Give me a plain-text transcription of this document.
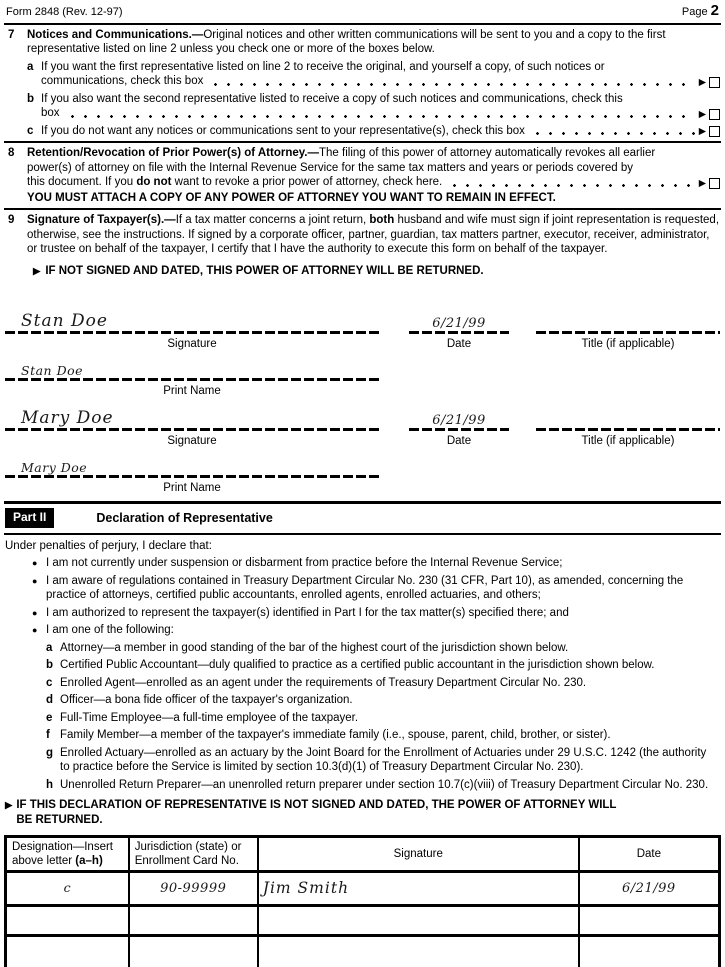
Form 2848 (Rev. 12-97)	Page 2
7	Notices and Communications.—Original notices and other written communications will be sent to you and a copy to the first representative listed on line 2 unless you check one or more of the boxes below.
a If you want the first representative listed on line 2 to receive the original, and yourself a copy, of such notices or
communications, check this box	▶
b If you also want the second representative listed to receive a copy of such notices and communications, check this
box	▶
c If you do not want any notices or communications sent to your representative(s), check this box	▶
8	Retention/Revocation of Prior Power(s) of Attorney.—The filing of this power of attorney automatically revokes all earlier
power(s) of attorney on file with the Internal Revenue Service for the same tax matters and years or periods covered by
this document. If you do not want to revoke a prior power of attorney, check here.	▶
YOU MUST ATTACH A COPY OF ANY POWER OF ATTORNEY YOU WANT TO REMAIN IN EFFECT.
9	Signature of Taxpayer(s).—If a tax matter concerns a joint return, both husband and wife must sign if joint representation is requested, otherwise, see the instructions. If signed by a corporate officer, partner, guardian, tax matters partner, executor, receiver, administrator, or trustee on behalf of the taxpayer, I certify that I have the authority to execute this form on behalf of the taxpayer.
▶ IF NOT SIGNED AND DATED, THIS POWER OF ATTORNEY WILL BE RETURNED.
Stan Doe
Signature
6/21/99
Date	Title (if applicable)
Stan Doe
Print Name
Mary Doe
Signature
6/21/99
Date	Title (if applicable)
Mary Doe
Print Name
Part II	Declaration of Representative
Under penalties of perjury, I declare that:
● I am not currently under suspension or disbarment from practice before the Internal Revenue Service;
● I am aware of regulations contained in Treasury Department Circular No. 230 (31 CFR, Part 10), as amended, concerning the practice of attorneys, certified public accountants, enrolled agents, enrolled actuaries, and others;
● I am authorized to represent the taxpayer(s) identified in Part I for the tax matter(s) specified there; and
● I am one of the following:
a Attorney—a member in good standing of the bar of the highest court of the jurisdiction shown below.
b Certified Public Accountant—duly qualified to practice as a certified public accountant in the jurisdiction shown below.
c Enrolled Agent—enrolled as an agent under the requirements of Treasury Department Circular No. 230.
d Officer—a bona fide officer of the taxpayer's organization.
e Full-Time Employee—a full-time employee of the taxpayer.
f Family Member—a member of the taxpayer's immediate family (i.e., spouse, parent, child, brother, or sister).
g Enrolled Actuary—enrolled as an actuary by the Joint Board for the Enrollment of Actuaries under 29 U.S.C. 1242 (the authority to practice before the Service is limited by section 10.3(d)(1) of Treasury Department Circular No. 230).
h Unenrolled Return Preparer—an unenrolled return preparer under section 10.7(c)(viii) of Treasury Department Circular No. 230.
▶ IF THIS DECLARATION OF REPRESENTATIVE IS NOT SIGNED AND DATED, THE POWER OF ATTORNEY WILL
BE RETURNED.
Designation—Insert
above letter (a–h)	Jurisdiction (state) or
Enrollment Card No.	Signature	Date
c	90-99999	Jim Smith	6/21/99
